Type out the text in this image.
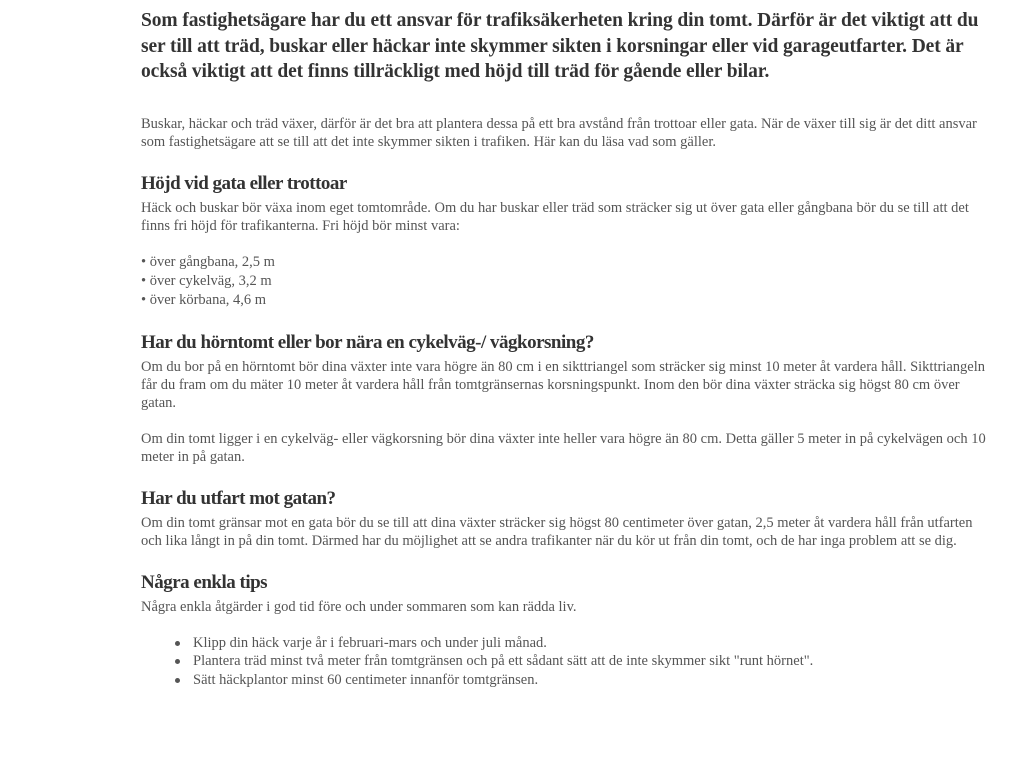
Som fastighetsägare har du ett ansvar för trafiksäkerheten kring din tomt. Därför är det viktigt att du ser till att träd, buskar eller häckar inte skymmer sikten i korsningar eller vid garageutfarter. Det är också viktigt att det finns tillräckligt med höjd till träd för gående eller bilar.

Buskar, häckar och träd växer, därför är det bra att plantera dessa på ett bra avstånd från trottoar eller gata. När de växer till sig är det ditt ansvar som fastighetsägare att se till att det inte skymmer sikten i trafiken. Här kan du läsa vad som gäller.

Höjd vid gata eller trottoar

Häck och buskar bör växa inom eget tomtområde. Om du har buskar eller träd som sträcker sig ut över gata eller gångbana bör du se till att det finns fri höjd för trafikanterna. Fri höjd bör minst vara:

• över gångbana, 2,5 m
• över cykelväg, 3,2 m
• över körbana, 4,6 m
Har du hörntomt eller bor nära en cykelväg-/ vägkorsning?

Om du bor på en hörntomt bör dina växter inte vara högre än 80 cm i en sikttriangel som sträcker sig minst 10 meter åt vardera håll. Sikttriangeln får du fram om du mäter 10 meter åt vardera håll från tomtgränsernas korsningspunkt. Inom den bör dina växter sträcka sig högst 80 cm över gatan.

Om din tomt ligger i en cykelväg- eller vägkorsning bör dina växter inte heller vara högre än 80 cm. Detta gäller 5 meter in på cykelvägen och 10 meter in på gatan.

Har du utfart mot gatan?

Om din tomt gränsar mot en gata bör du se till att dina växter sträcker sig högst 80 centimeter över gatan, 2,5 meter åt vardera håll från utfarten och lika långt in på din tomt. Därmed har du möjlighet att se andra trafikanter när du kör ut från din tomt, och de har inga problem att se dig.

Några enkla tips

Några enkla åtgärder i god tid före och under sommaren som kan rädda liv.

Klipp din häck varje år i februari-mars och under juli månad.
Plantera träd minst två meter från tomtgränsen och på ett sådant sätt att de inte skymmer sikt "runt hörnet".
Sätt häckplantor minst 60 centimeter innanför tomtgränsen.
